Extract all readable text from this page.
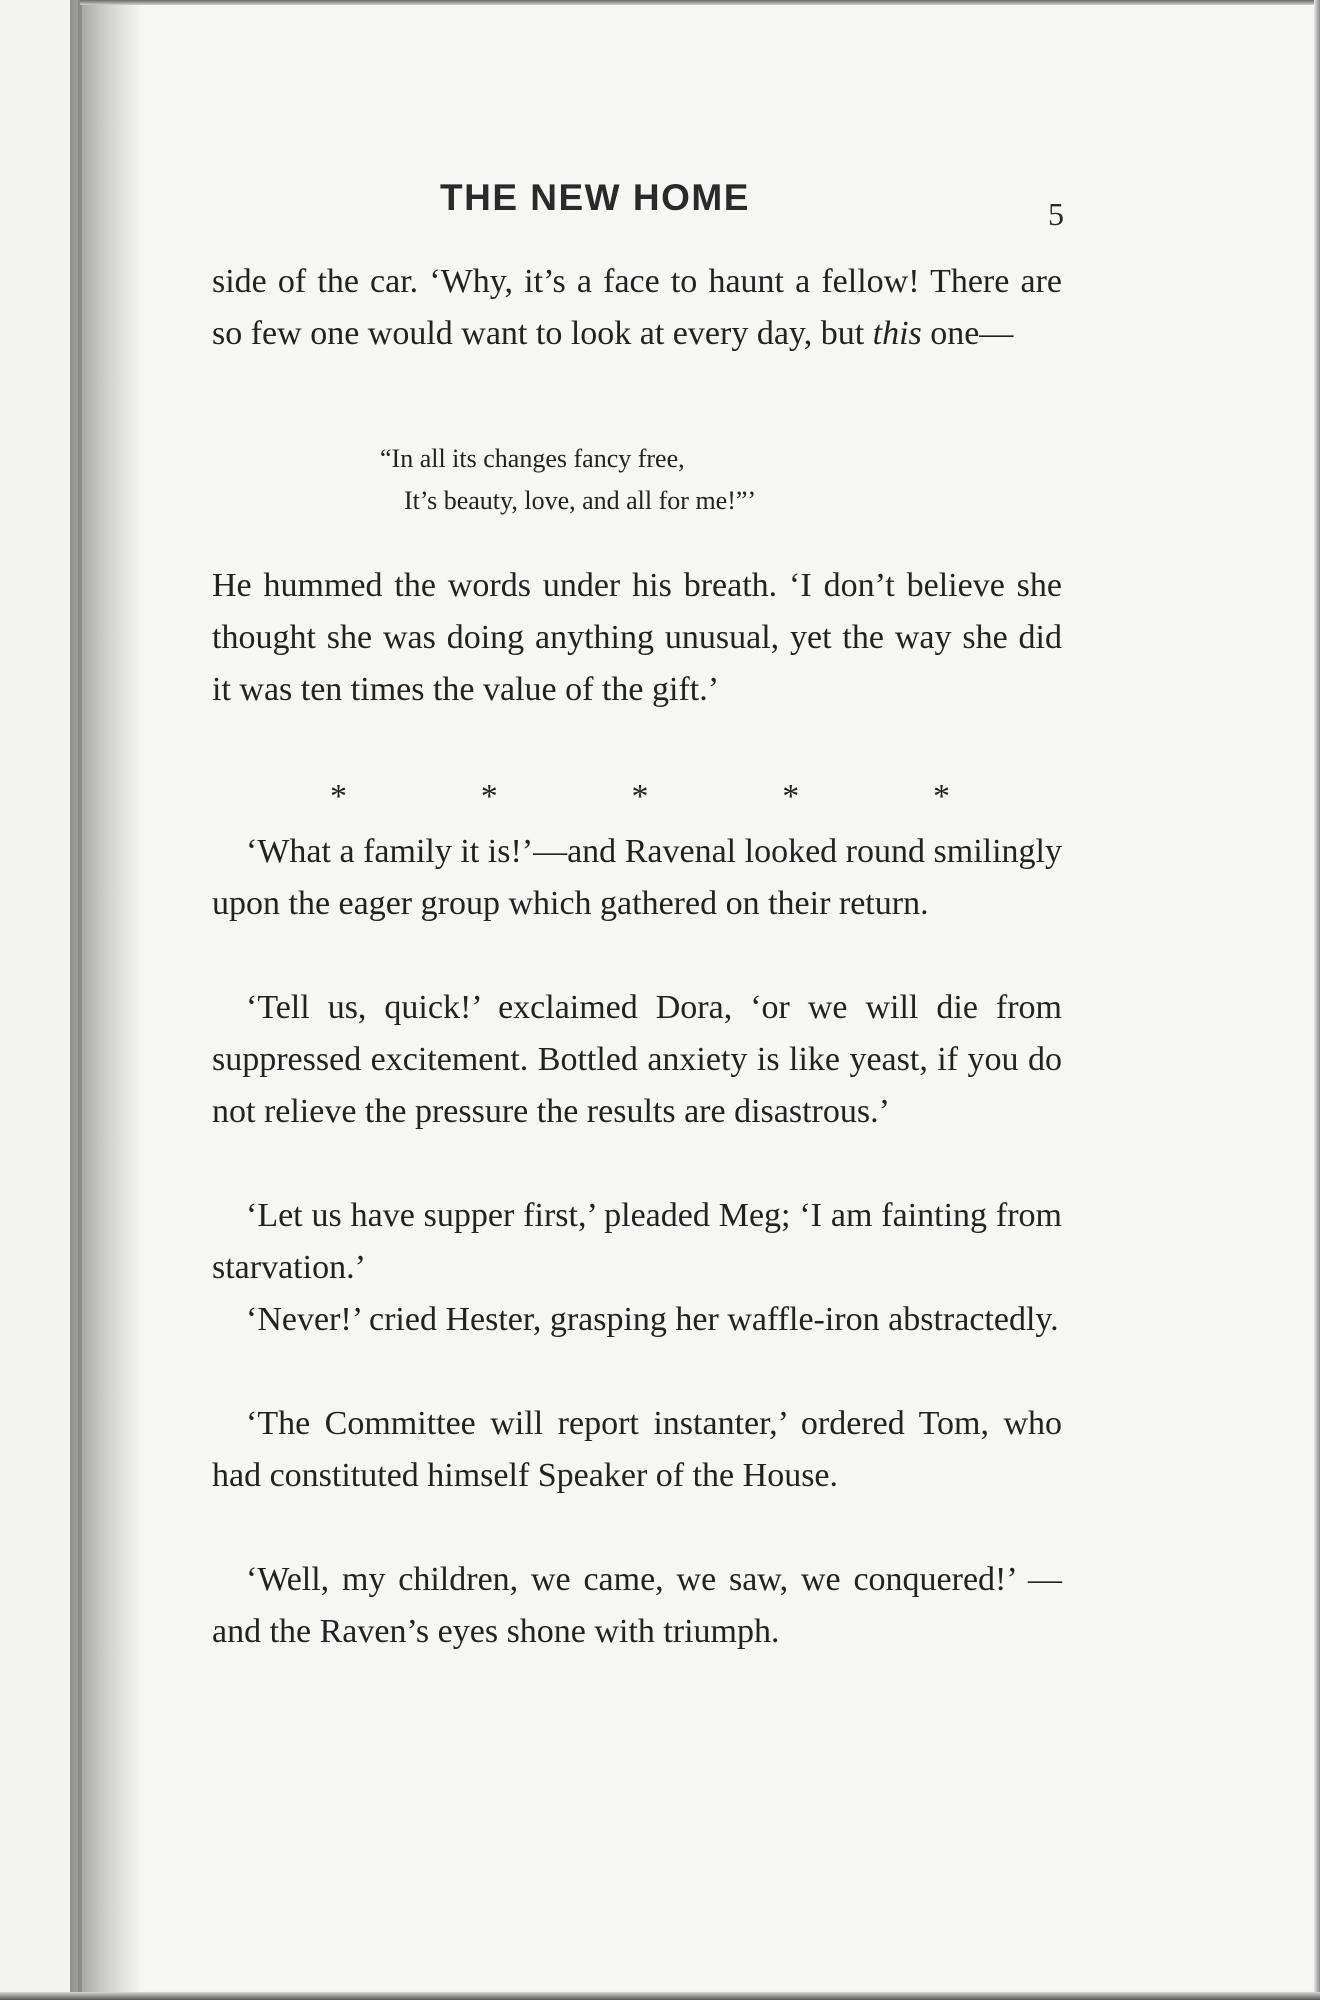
THE NEW HOME	5

side of the car. ‘Why, it’s a face to haunt a fellow! There are so few one would want to look at every day, but this one—

“In all its changes fancy free,
It’s beauty, love, and all for me!”’

He hummed the words under his breath. ‘I don’t believe she thought she was doing anything unusual, yet the way she did it was ten times the value of the gift.’

*	*	*	*	*

‘What a family it is!’—and Ravenal looked round smilingly upon the eager group which gathered on their return.

‘Tell us, quick!’ exclaimed Dora, ‘or we will die from suppressed excitement. Bottled anxiety is like yeast, if you do not relieve the pressure the results are disastrous.’

‘Let us have supper first,’ pleaded Meg; ‘I am fainting from starvation.’

‘Never!’ cried Hester, grasping her waffle-iron abstractedly.

‘The Committee will report instanter,’ ordered Tom, who had constituted himself Speaker of the House.

‘Well, my children, we came, we saw, we conquered!’ — and the Raven’s eyes shone with triumph.
